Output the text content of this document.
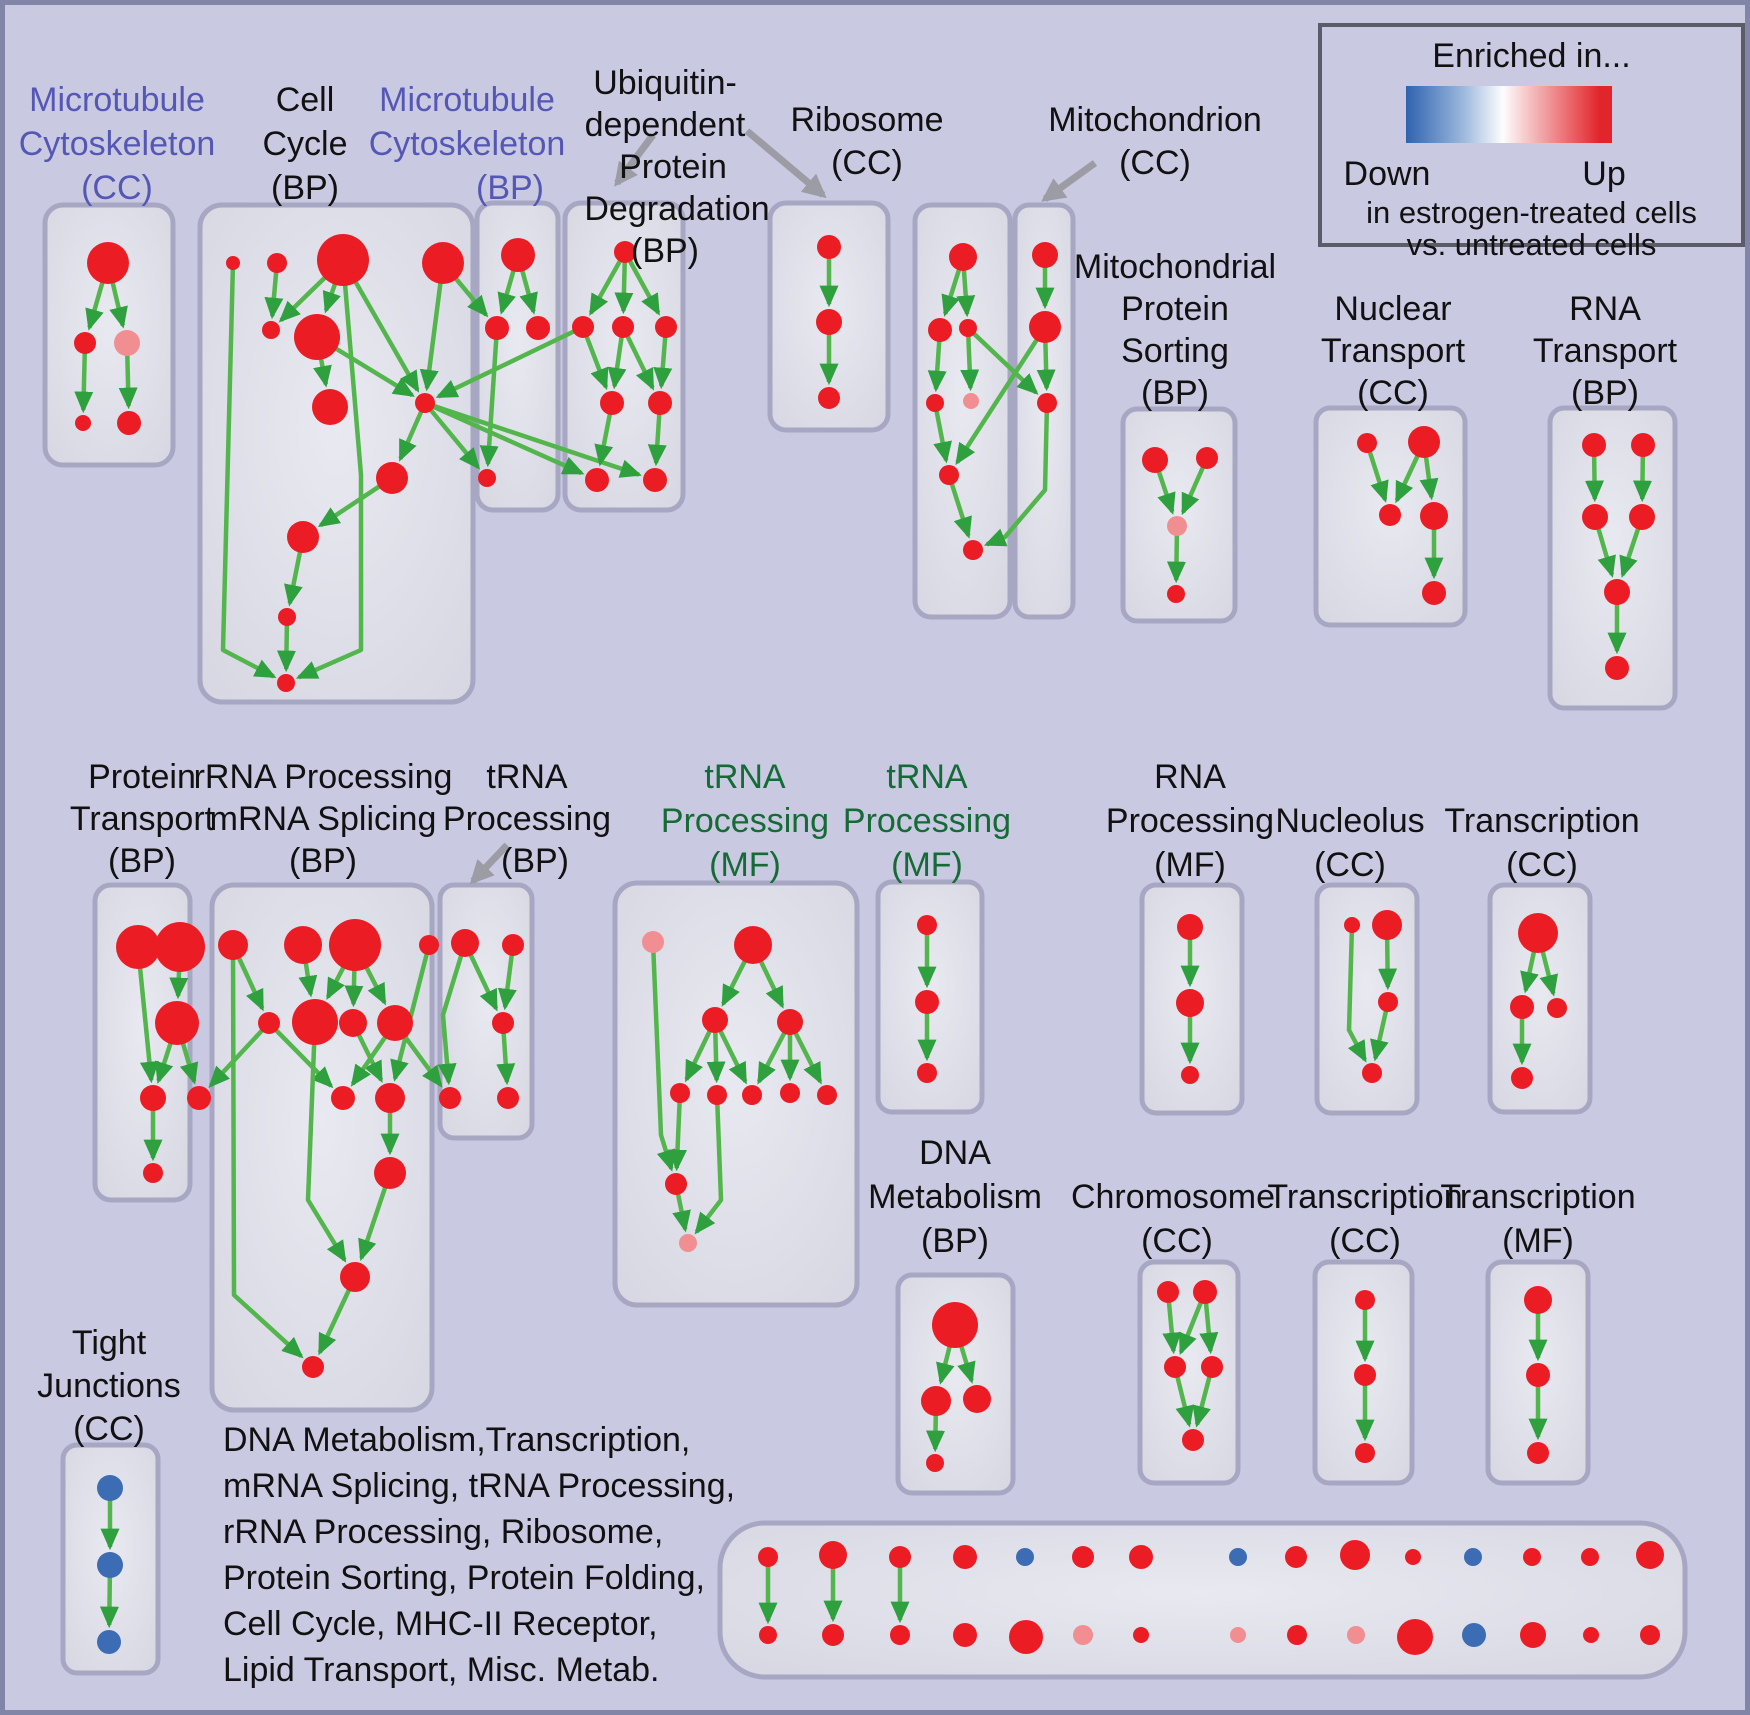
Microtubule
Cytoskeleton
(CC)
Cell
Cycle
(BP)
Microtubule
Cytoskeleton
(BP)
Ubiquitin-
dependent
Protein
Degradation
(BP)
Ribosome
(CC)
Mitochondrion
(CC)
Mitochondrial
Protein
Sorting
(BP)
Nuclear
Transport
(CC)
RNA
Transport
(BP)
Protein
Transport
(BP)
rRNA Processing
mRNA Splicing
(BP)
tRNA
Processing
(BP)
tRNA
Processing
(MF)
tRNA
Processing
(MF)
RNA
Processing
(MF)
Nucleolus
(CC)
Transcription
(CC)
DNA
Metabolism
(BP)
Chromosome
(CC)
Transcription
(CC)
Transcription
(MF)
Tight
Junctions
(CC)
Enriched in...
Down	Up
in estrogen-treated cells
vs. untreated cells
DNA Metabolism,Transcription,
mRNA Splicing, tRNA Processing,
rRNA Processing, Ribosome,
Protein Sorting, Protein Folding,
Cell Cycle, MHC-II Receptor,
Lipid Transport, Misc. Metab.
